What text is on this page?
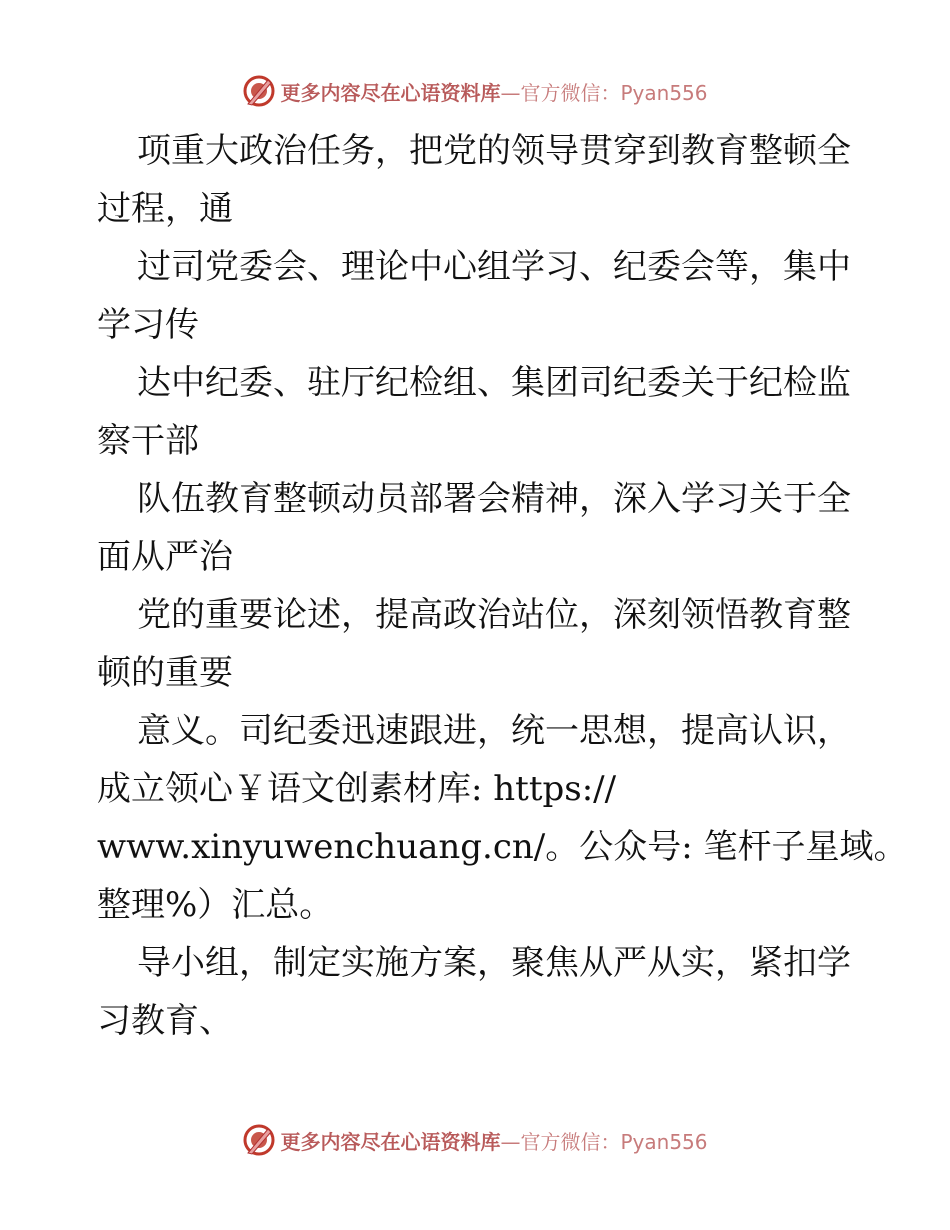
更多内容尽在心语资料库—官方微信：Pyan556
项重大政治任务，把党的领导贯穿到教育整顿全
过程，通
过司党委会、理论中心组学习、纪委会等，集中
学习传
达中纪委、驻厅纪检组、集团司纪委关于纪检监
察干部
队伍教育整顿动员部署会精神，深入学习关于全
面从严治
党的重要论述，提高政治站位，深刻领悟教育整
顿的重要
意义。司纪委迅速跟进，统一思想，提高认识，
成立领心￥语文创素材库: https://
www.xinyuwenchuang.cn/。公众号: 笔杆子星域。
整理%）汇总。
导小组，制定实施方案，聚焦从严从实，紧扣学
习教育、
更多内容尽在心语资料库—官方微信：Pyan556
